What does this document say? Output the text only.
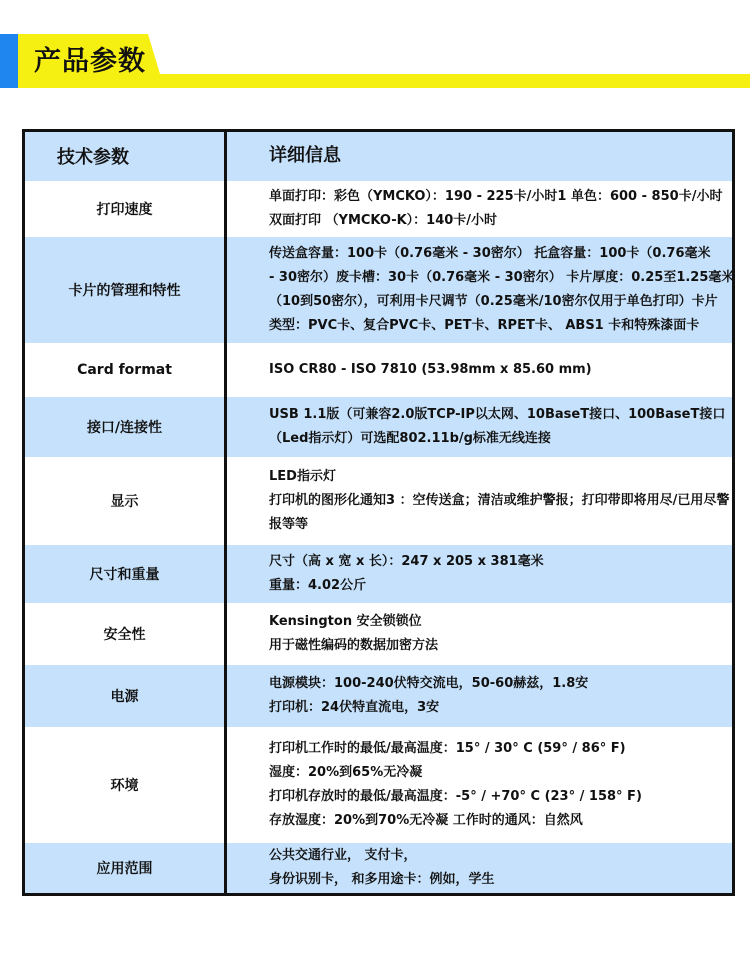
产品参数
技术参数	详细信息
打印速度	单面打印：彩色（YMCKO）：190 - 225卡/小时1 单色：600 - 850卡/小时
双面打印 （YMCKO-K）：140卡/小时

卡片的管理和特性	传送盒容量：100卡（0.76毫米 - 30密尔） 托盒容量：100卡（0.76毫米
- 30密尔）废卡槽：30卡（0.76毫米 - 30密尔） 卡片厚度：0.25至1.25毫米
（10到50密尔），可利用卡尺调节（0.25毫米/10密尔仅用于单色打印）卡片
类型：PVC卡、复合PVC卡、PET卡、RPET卡、 ABS1 卡和特殊漆面卡

Card format	ISO CR80 - ISO 7810 (53.98mm x 85.60 mm)

接口/连接性	USB 1.1版（可兼容2.0版TCP-IP以太网、10BaseT接口、100BaseT接口
（Led指示灯）可选配802.11b/g标准无线连接

显示	LED指示灯
打印机的图形化通知3 ：空传送盒；清洁或维护警报；打印带即将用尽/已用尽警
报等等

尺寸和重量	尺寸（高 x 宽 x 长）：247 x 205 x 381毫米
重量：4.02公斤

安全性	Kensington 安全锁锁位
用于磁性编码的数据加密方法

电源	电源模块：100-240伏特交流电，50-60赫兹，1.8安
打印机：24伏特直流电，3安

环境	打印机工作时的最低/最高温度：15° / 30° C (59° / 86° F)
湿度：20%到65%无冷凝
打印机存放时的最低/最高温度：-5° / +70° C (23° / 158° F)
存放湿度：20%到70%无冷凝 工作时的通风：自然风

应用范围	公共交通行业， 支付卡，
身份识别卡， 和多用途卡：例如，学生
